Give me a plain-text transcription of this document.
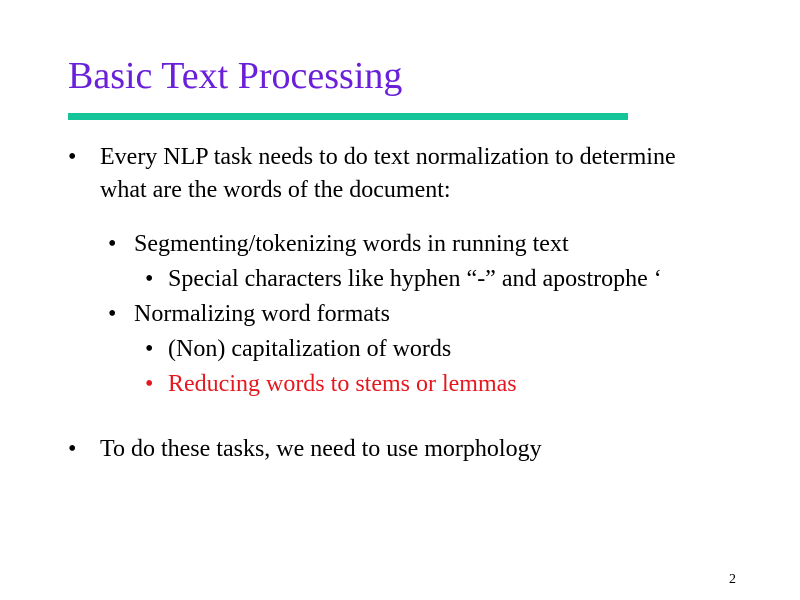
Basic Text Processing
• Every NLP task needs to do text normalization to determine
what are the words of the document:
• Segmenting/tokenizing words in running text
• Special characters like hyphen “-” and apostrophe ‘
• Normalizing word formats
• (Non) capitalization of words
• Reducing words to stems or lemmas
• To do these tasks, we need to use morphology
2
